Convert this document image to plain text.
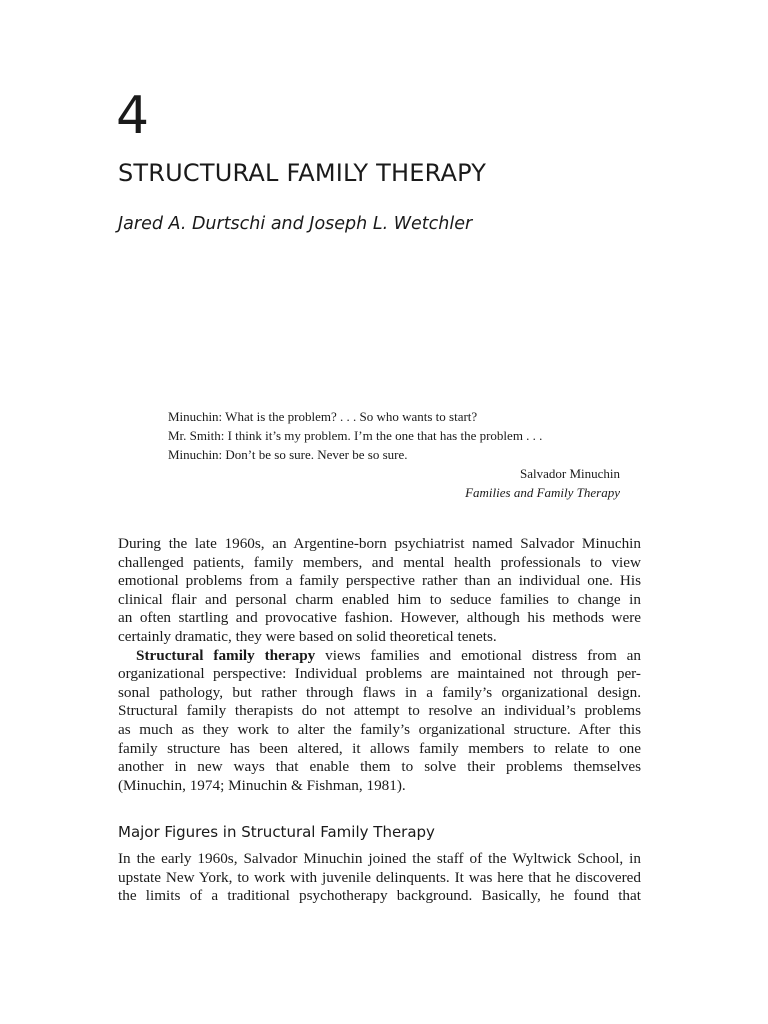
4
STRUCTURAL FAMILY THERAPY
Jared A. Durtschi and Joseph L. Wetchler
Minuchin: What is the problem? . . . So who wants to start?
Mr. Smith: I think it’s my problem. I’m the one that has the problem . . .
Minuchin: Don’t be so sure. Never be so sure.
Salvador Minuchin
Families and Family Therapy
During the late 1960s, an Argentine-born psychiatrist named Salvador Minuchin
challenged patients, family members, and mental health professionals to view
emotional problems from a family perspective rather than an individual one. His
clinical flair and personal charm enabled him to seduce families to change in
an often startling and provocative fashion. However, although his methods were
certainly dramatic, they were based on solid theoretical tenets.
Structural family therapy views families and emotional distress from an
organizational perspective: Individual problems are maintained not through per-
sonal pathology, but rather through flaws in a family’s organizational design.
Structural family therapists do not attempt to resolve an individual’s problems
as much as they work to alter the family’s organizational structure. After this
family structure has been altered, it allows family members to relate to one
another in new ways that enable them to solve their problems themselves
(Minuchin, 1974; Minuchin & Fishman, 1981).
Major Figures in Structural Family Therapy
In the early 1960s, Salvador Minuchin joined the staff of the Wyltwick School, in
upstate New York, to work with juvenile delinquents. It was here that he discovered
the limits of a traditional psychotherapy background. Basically, he found that
